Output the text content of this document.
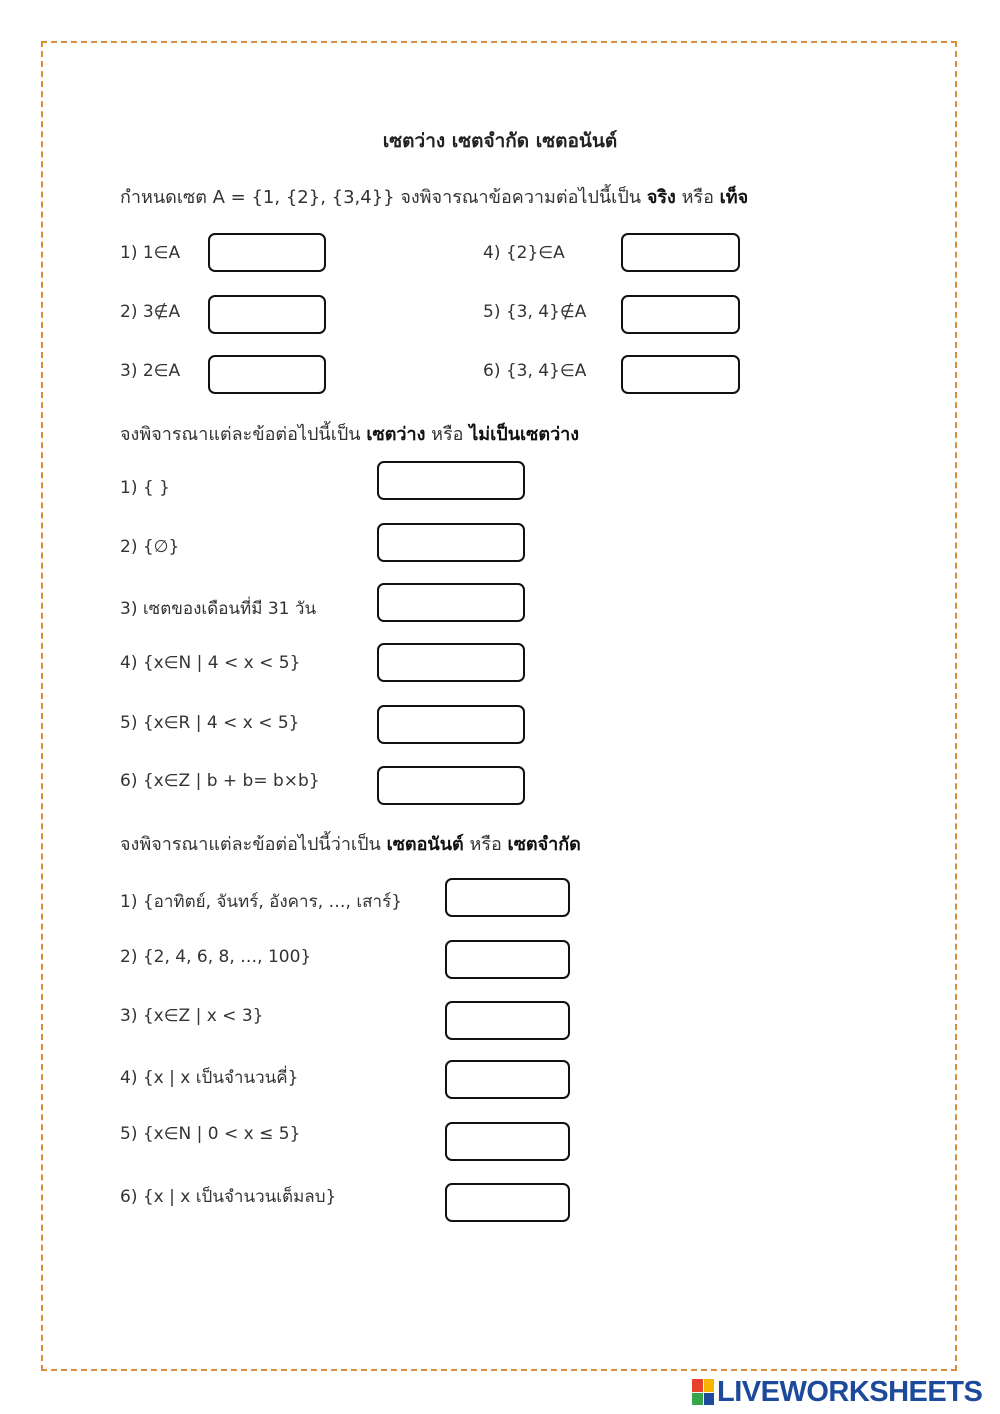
เซตว่าง เซตจำกัด เซตอนันต์
กำหนดเซต A = {1, {2}, {3,4}} จงพิจารณาข้อความต่อไปนี้เป็น จริง หรือ เท็จ
1) 1∈A
2) 3∉A
3) 2∈A
4) {2}∈A
5) {3, 4}∉A
6) {3, 4}∈A
จงพิจารณาแต่ละข้อต่อไปนี้เป็น เซตว่าง หรือ ไม่เป็นเซตว่าง
1) { }
2) {∅}
3) เซตของเดือนที่มี 31 วัน
4) {x∈N | 4 < x < 5}
5) {x∈R | 4 < x < 5}
6) {x∈Z | b + b= b×b}
จงพิจารณาแต่ละข้อต่อไปนี้ว่าเป็น เซตอนันต์ หรือ เซตจำกัด
1) {อาทิตย์, จันทร์, อังคาร, …, เสาร์}
2) {2, 4, 6, 8, …, 100}
3) {x∈Z | x < 3}
4) {x | x เป็นจำนวนคี่}
5) {x∈N | 0 < x ≤ 5}
6) {x | x เป็นจำนวนเต็มลบ}
LIVEWORKSHEETS
